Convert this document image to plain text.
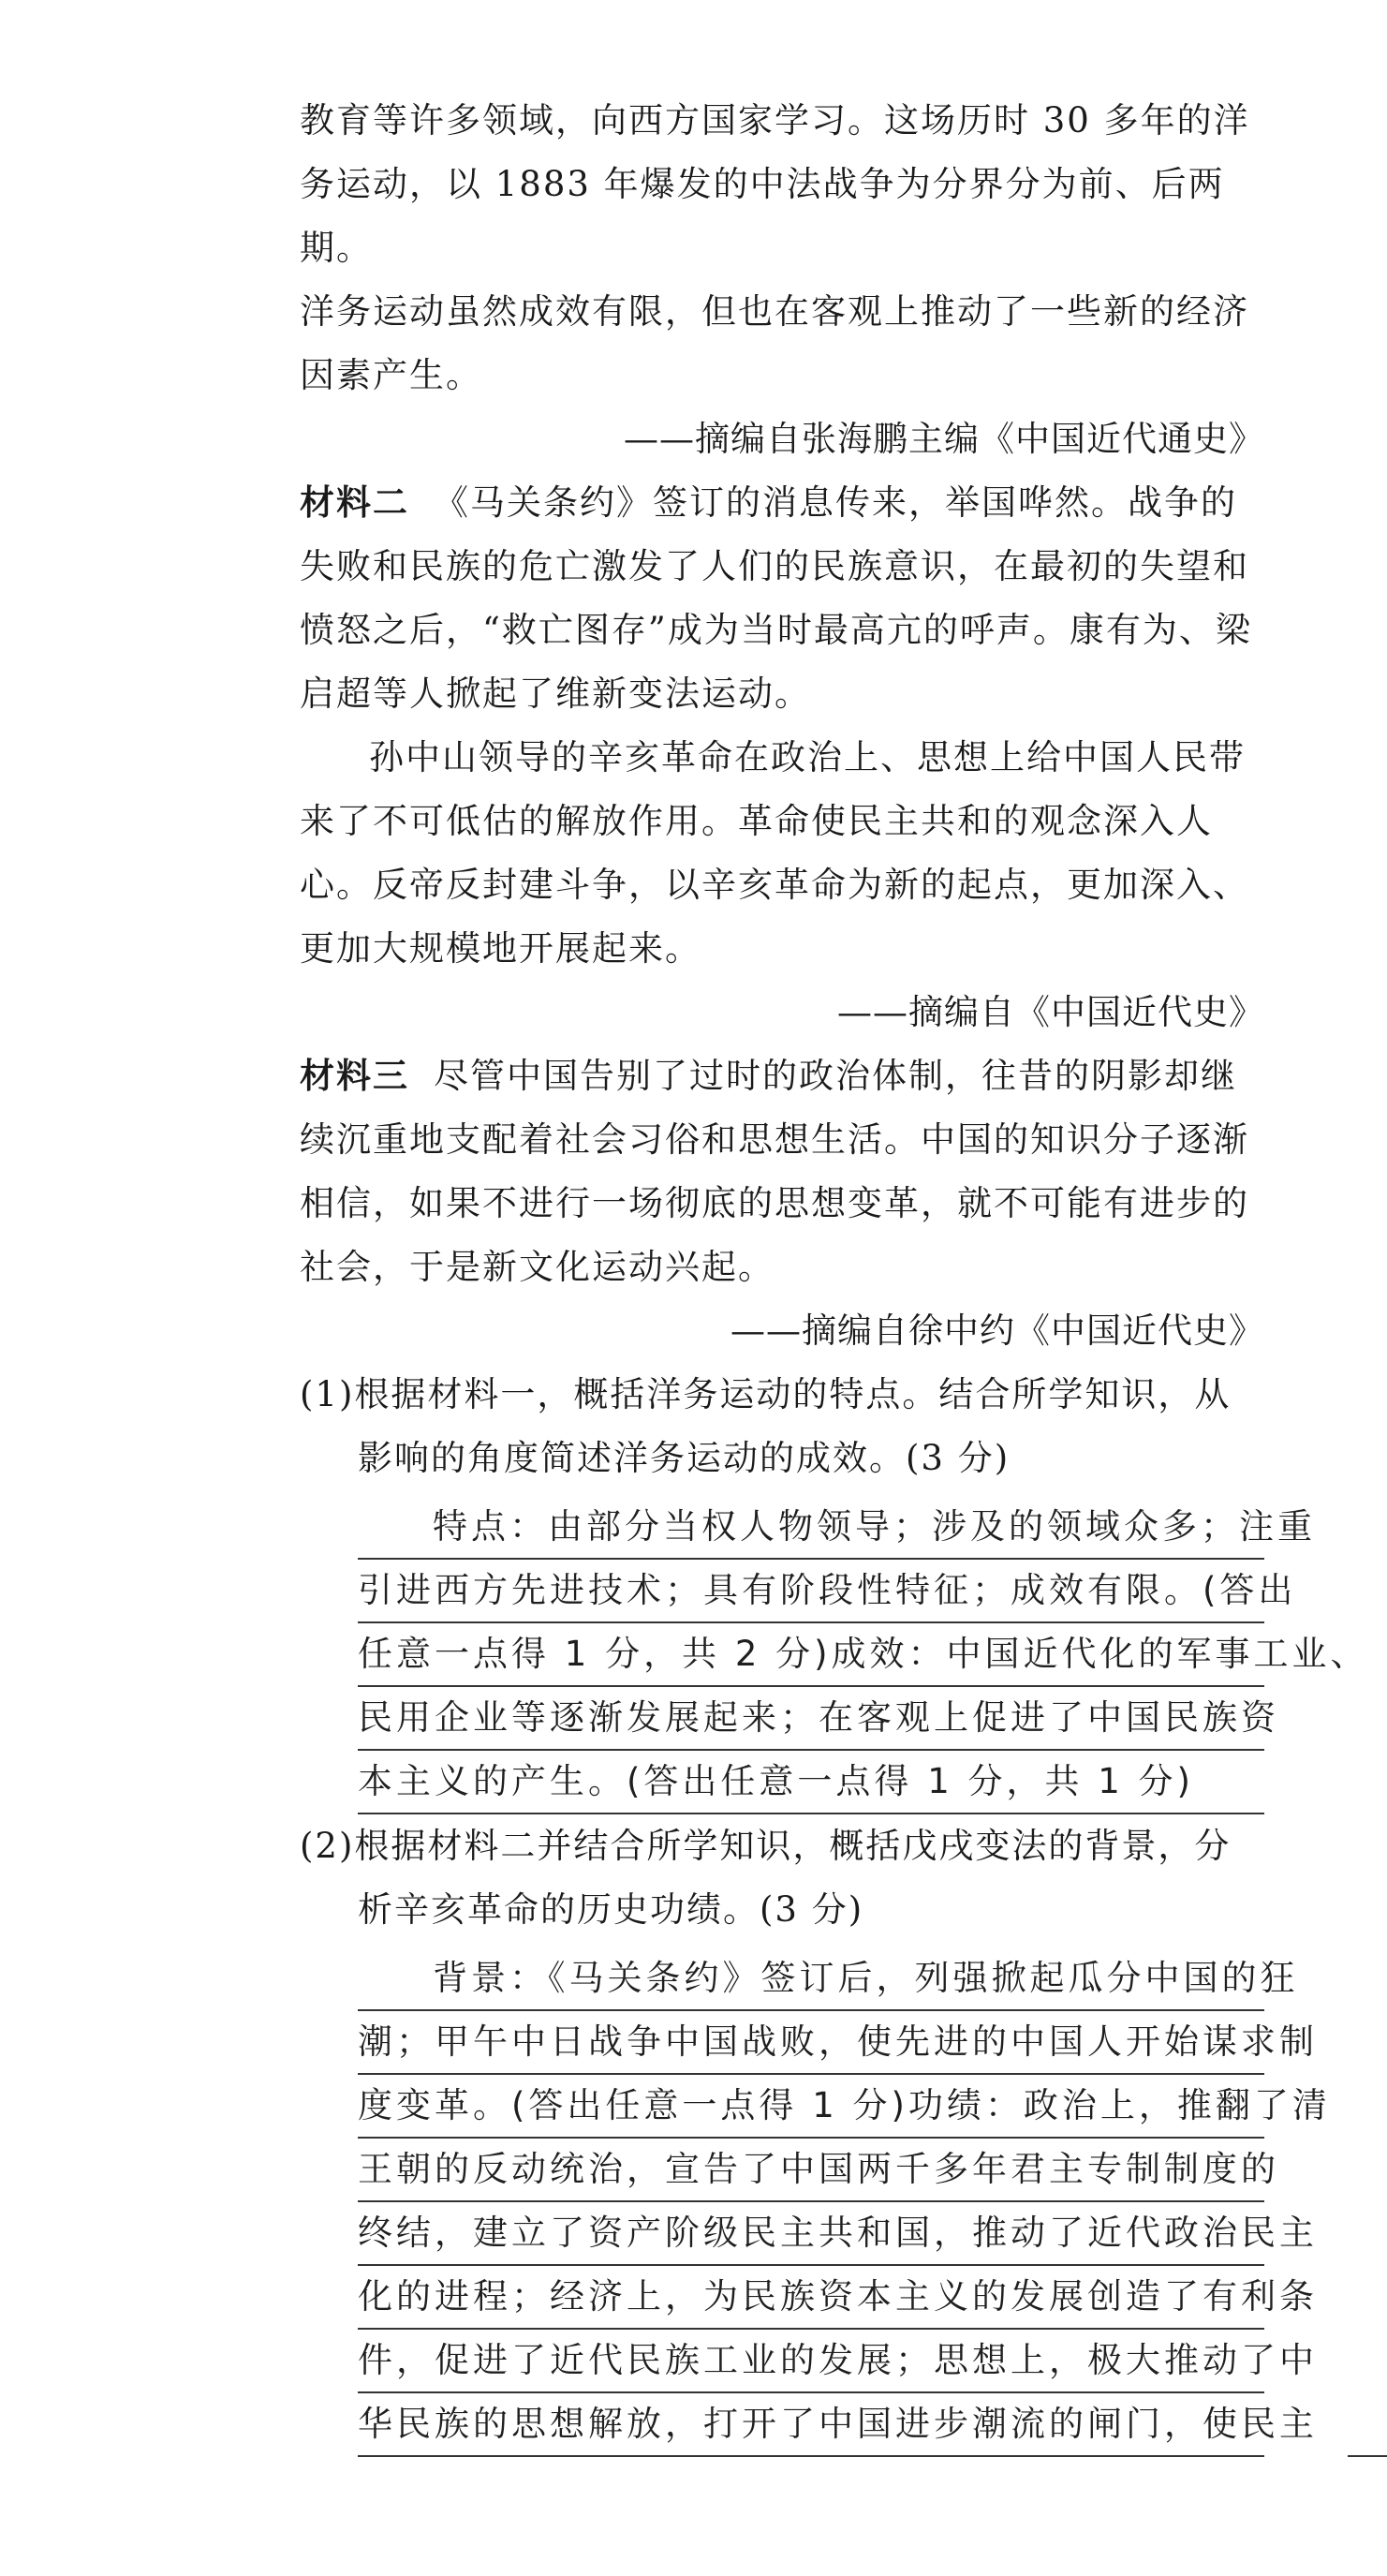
教育等许多领域，向西方国家学习。这场历时 30 多年的洋
务运动，以 1883 年爆发的中法战争为分界分为前、后两期。
洋务运动虽然成效有限，但也在客观上推动了一些新的经济
因素产生。
——摘编自张海鹏主编《中国近代通史》

材料二 《马关条约》签订的消息传来，举国哗然。战争的失败和民族的危亡激发了人们的民族意识，在最初的失望和愤怒之后，“救亡图存”成为当时最高亢的呼声。康有为、梁启超等人掀起了维新变法运动。

孙中山领导的辛亥革命在政治上、思想上给中国人民带来了不可低估的解放作用。革命使民主共和的观念深入人心。反帝反封建斗争，以辛亥革命为新的起点，更加深入、更加大规模地开展起来。

——摘编自《中国近代史》

材料三 尽管中国告别了过时的政治体制，往昔的阴影却继续沉重地支配着社会习俗和思想生活。中国的知识分子逐渐相信，如果不进行一场彻底的思想变革，就不可能有进步的社会，于是新文化运动兴起。

——摘编自徐中约《中国近代史》

(1)根据材料一，概括洋务运动的特点。结合所学知识，从影响的角度简述洋务运动的成效。(3 分)

特点：由部分当权人物领导；涉及的领域众多；注重
引进西方先进技术；具有阶段性特征；成效有限。(答出
任意一点得 1 分，共 2 分)成效：中国近代化的军事工业、
民用企业等逐渐发展起来；在客观上促进了中国民族资
本主义的产生。(答出任意一点得 1 分，共 1 分)

(2)根据材料二并结合所学知识，概括戊戌变法的背景，分析辛亥革命的历史功绩。(3 分)

背景：《马关条约》签订后，列强掀起瓜分中国的狂
潮；甲午中日战争中国战败，使先进的中国人开始谋求制
度变革。(答出任意一点得 1 分)功绩：政治上，推翻了清
王朝的反动统治，宣告了中国两千多年君主专制制度的
终结，建立了资产阶级民主共和国，推动了近代政治民主
化的进程；经济上，为民族资本主义的发展创造了有利条
件，促进了近代民族工业的发展；思想上，极大推动了中
华民族的思想解放，打开了中国进步潮流的闸门，使民主
